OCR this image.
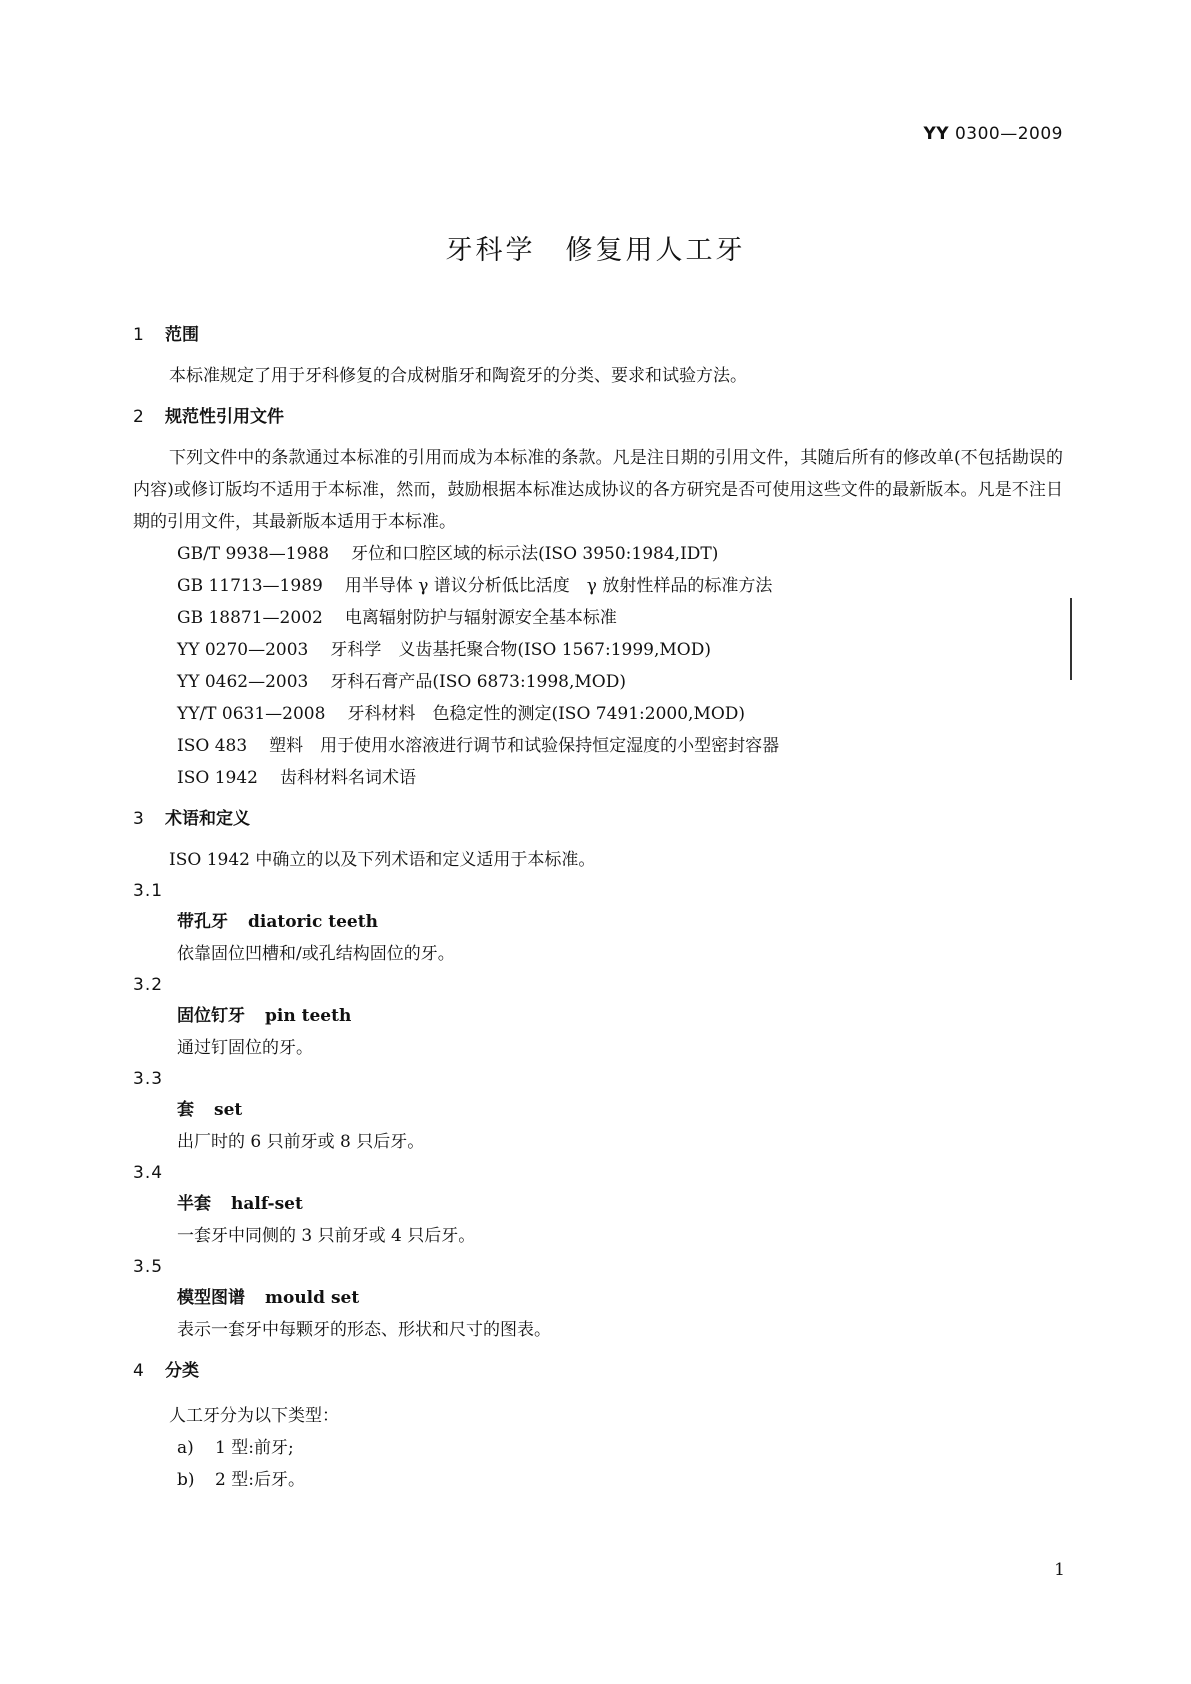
YY 0300—2009
牙科学　修复用人工牙

1 范围

本标准规定了用于牙科修复的合成树脂牙和陶瓷牙的分类、要求和试验方法。

2 规范性引用文件

下列文件中的条款通过本标准的引用而成为本标准的条款。凡是注日期的引用文件，其随后所有的修改单(不包括勘误的内容)或修订版均不适用于本标准，然而，鼓励根据本标准达成协议的各方研究是否可使用这些文件的最新版本。凡是不注日期的引用文件，其最新版本适用于本标准。

GB/T 9938—1988 牙位和口腔区域的标示法(ISO 3950:1984,IDT)

GB 11713—1989 用半导体 γ 谱议分析低比活度　γ 放射性样品的标准方法

GB 18871—2002 电离辐射防护与辐射源安全基本标准

YY 0270—2003 牙科学　义齿基托聚合物(ISO 1567:1999,MOD)

YY 0462—2003 牙科石膏产品(ISO 6873:1998,MOD)

YY/T 0631—2008 牙科材料　色稳定性的测定(ISO 7491:2000,MOD)

ISO 483 塑料　用于使用水溶液进行调节和试验保持恒定湿度的小型密封容器

ISO 1942 齿科材料名词术语

3 术语和定义

ISO 1942 中确立的以及下列术语和定义适用于本标准。

3.1

带孔牙 diatoric teeth

依靠固位凹槽和/或孔结构固位的牙。

3.2

固位钉牙 pin teeth

通过钉固位的牙。

3.3

套 set

出厂时的 6 只前牙或 8 只后牙。

3.4

半套 half-set

一套牙中同侧的 3 只前牙或 4 只后牙。

3.5

模型图谱 mould set

表示一套牙中每颗牙的形态、形状和尺寸的图表。

4 分类

人工牙分为以下类型：

a) 1 型:前牙;

b) 2 型:后牙。

1
